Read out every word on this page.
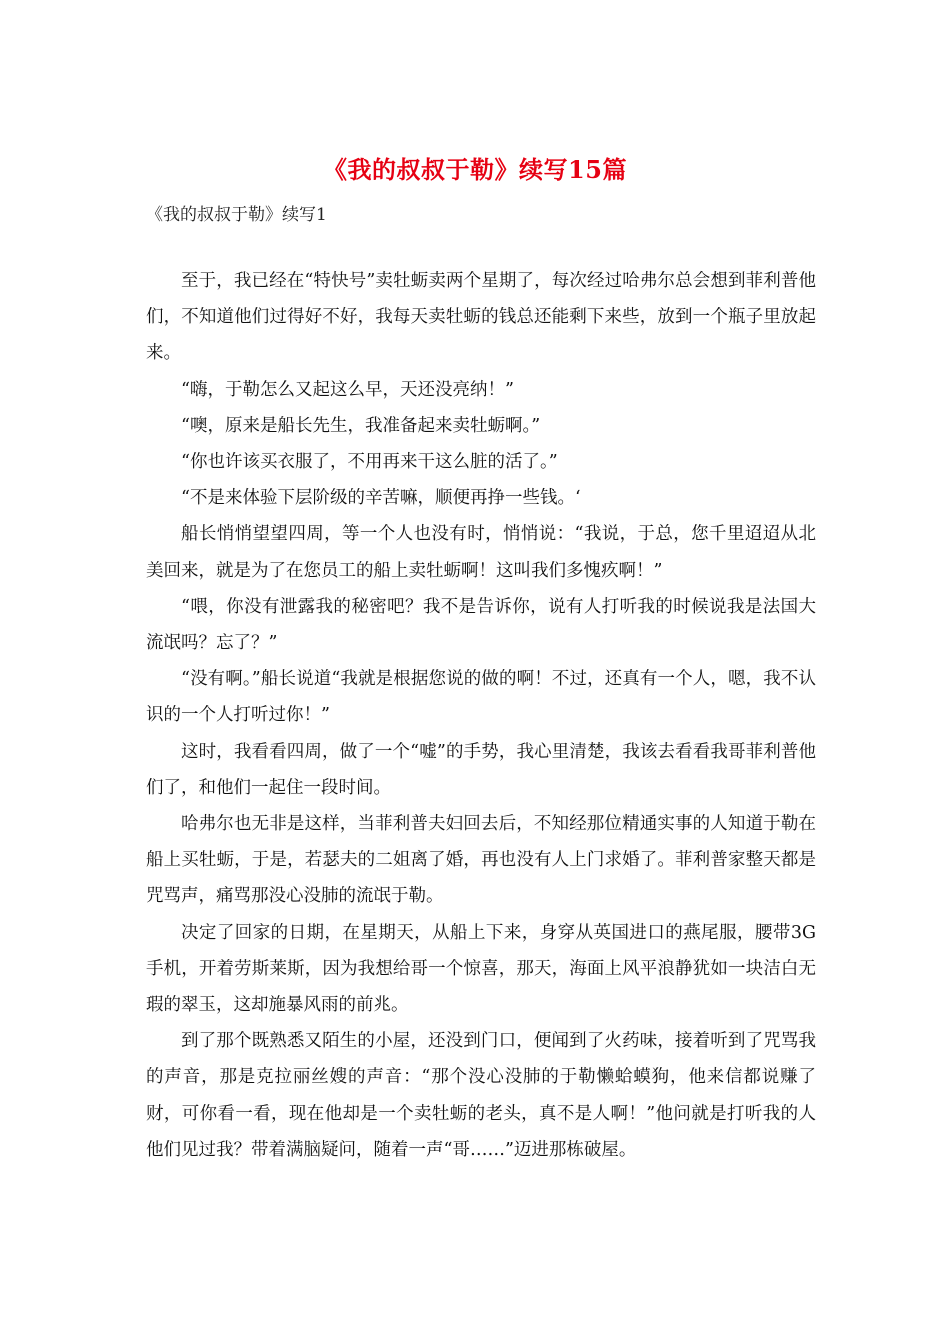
《我的叔叔于勒》续写15篇
《我的叔叔于勒》续写1

至于，我已经在“特快号”卖牡蛎卖两个星期了，每次经过哈弗尔总会想到菲利普他们，不知道他们过得好不好，我每天卖牡蛎的钱总还能剩下来些，放到一个瓶子里放起来。

“嗨，于勒怎么又起这么早，天还没亮纳！”

“噢，原来是船长先生，我准备起来卖牡蛎啊。”

“你也许该买衣服了，不用再来干这么脏的活了。”

“不是来体验下层阶级的辛苦嘛，顺便再挣一些钱。‘

船长悄悄望望四周，等一个人也没有时，悄悄说：“我说，于总，您千里迢迢从北美回来，就是为了在您员工的船上卖牡蛎啊！这叫我们多愧疚啊！”

“喂，你没有泄露我的秘密吧？我不是告诉你，说有人打听我的时候说我是法国大流氓吗？忘了？”

“没有啊。”船长说道“我就是根据您说的做的啊！不过，还真有一个人，嗯，我不认识的一个人打听过你！”

这时，我看看四周，做了一个“嘘”的手势，我心里清楚，我该去看看我哥菲利普他们了，和他们一起住一段时间。

哈弗尔也无非是这样，当菲利普夫妇回去后，不知经那位精通实事的人知道于勒在船上买牡蛎，于是，若瑟夫的二姐离了婚，再也没有人上门求婚了。菲利普家整天都是咒骂声，痛骂那没心没肺的流氓于勒。

决定了回家的日期，在星期天，从船上下来，身穿从英国进口的燕尾服，腰带3G手机，开着劳斯莱斯，因为我想给哥一个惊喜，那天，海面上风平浪静犹如一块洁白无瑕的翠玉，这却施暴风雨的前兆。

到了那个既熟悉又陌生的小屋，还没到门口，便闻到了火药味，接着听到了咒骂我的声音，那是克拉丽丝嫂的声音：“那个没心没肺的于勒懒蛤蟆狗，他来信都说赚了财，可你看一看，现在他却是一个卖牡蛎的老头，真不是人啊！”他问就是打听我的人他们见过我？带着满脑疑问，随着一声“哥……”迈进那栋破屋。
